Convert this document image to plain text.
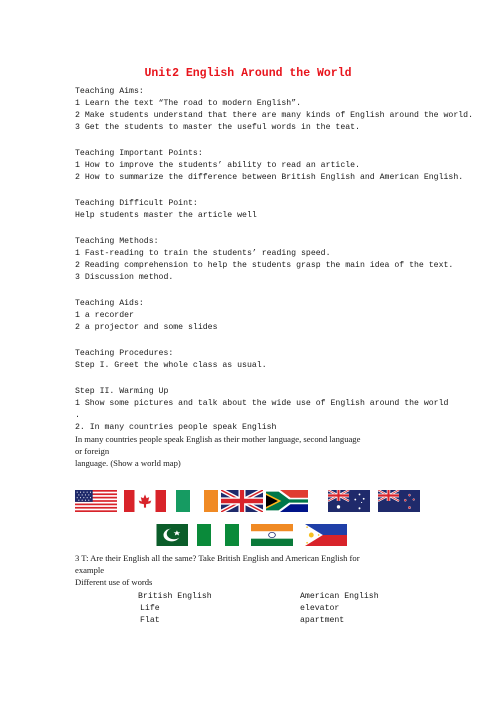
Unit2 English Around the World
Teaching Aims:
1 Learn the text “The road to modern English”.
2 Make students understand that there are many kinds of English around the world.
3 Get the students to master the useful words in the teat.
Teaching Important Points:
1 How to improve the students’ ability to read an article.
2 How to summarize the difference between British English and American English.
Teaching Difficult Point:
Help students master the article well
Teaching Methods:
1 Fast-reading to train the students’ reading speed.
2 Reading comprehension to help the students grasp the main idea of the text.
3 Discussion method.
Teaching Aids:
1 a recorder
2 a projector and some slides
Teaching Procedures:
Step I. Greet the whole class as usual.
Step II. Warming Up
1 Show some pictures and talk about the wide use of English around the world
.
2. In many countries people speak English
In many countries people speak English as their mother language, second language
or foreign
language. (Show a world map)
3 T: Are their English all the same? Take British English and American English for
example
Different use of words
British English	American English
Life	elevator
Flat	apartment
